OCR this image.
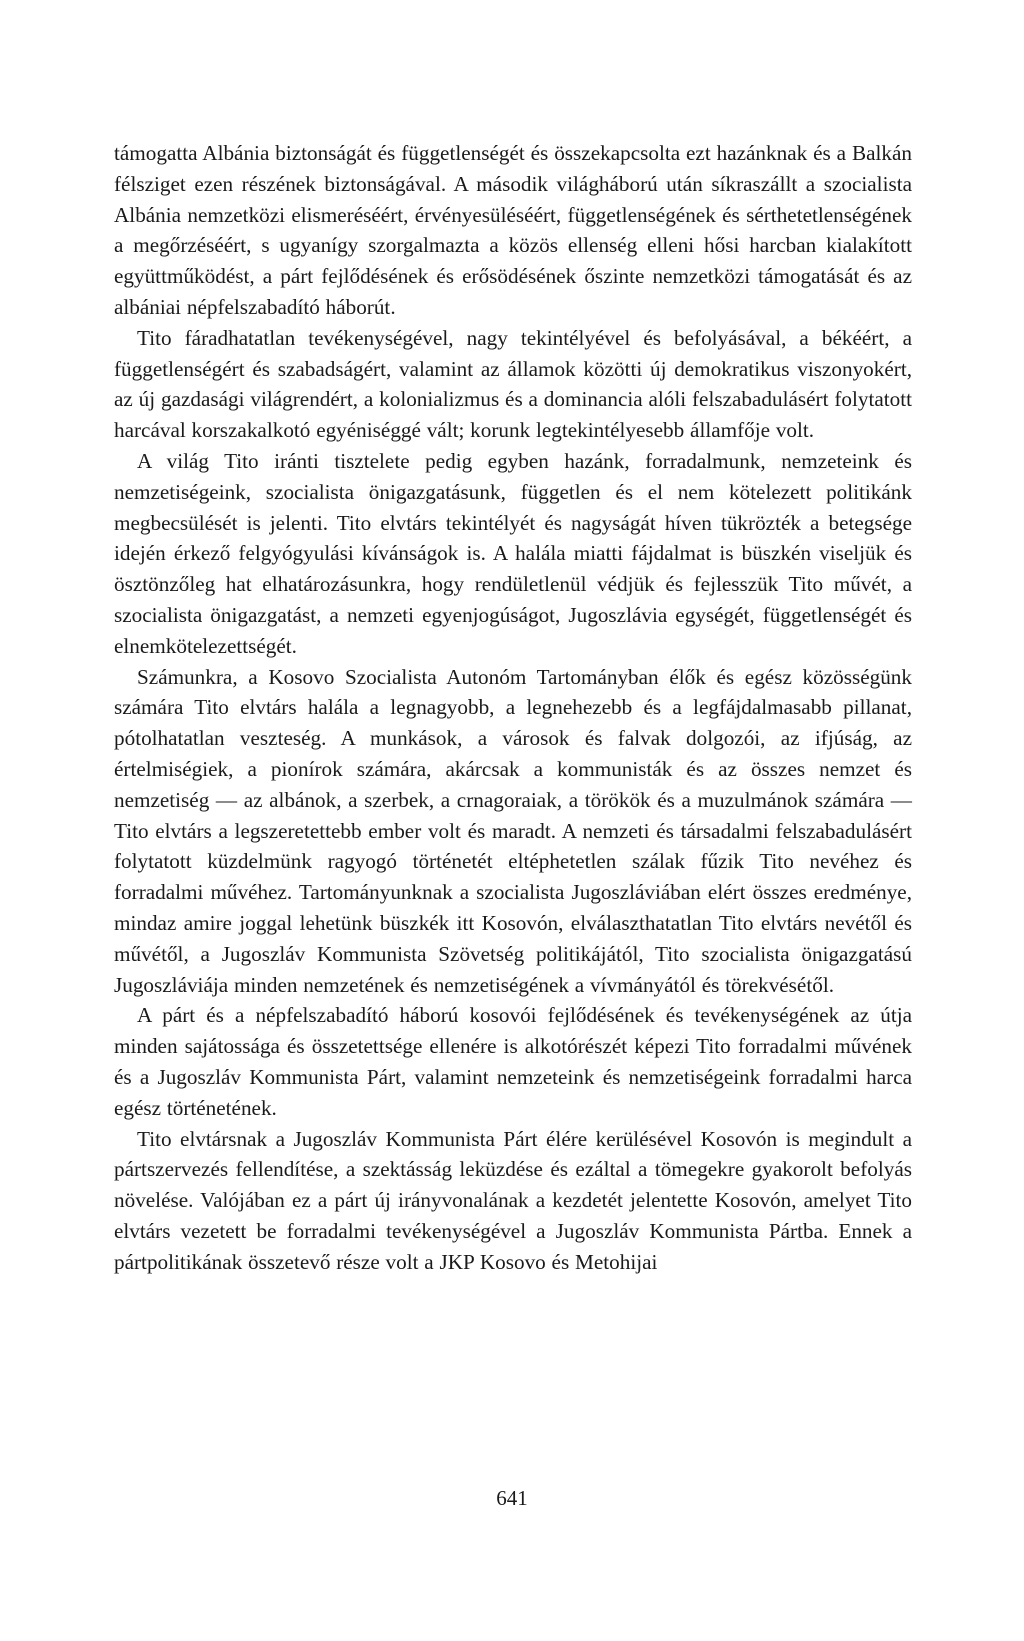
támogatta Albánia biztonságát és függetlenségét és összekapcsolta ezt hazánknak és a Balkán félsziget ezen részének biztonságával. A második világháború után síkraszállt a szocialista Albánia nemzetközi elismeréséért, érvényesüléséért, függetlenségének és sérthetetlenségének a megőrzéséért, s ugyanígy szorgalmazta a közös ellenség elleni hősi harcban kialakított együttműködést, a párt fejlődésének és erősödésének őszinte nemzetközi támogatását és az albániai népfelszabadító háborút.

Tito fáradhatatlan tevékenységével, nagy tekintélyével és befolyásával, a békéért, a függetlenségért és szabadságért, valamint az államok közötti új demokratikus viszonyokért, az új gazdasági világrendért, a kolonializmus és a dominancia alóli felszabadulásért folytatott harcával korszakalkotó egyéniséggé vált; korunk legtekintélyesebb államfője volt.

A világ Tito iránti tisztelete pedig egyben hazánk, forradalmunk, nemzeteink és nemzetiségeink, szocialista önigazgatásunk, független és el nem kötelezett politikánk megbecsülését is jelenti. Tito elvtárs tekintélyét és nagyságát híven tükrözték a betegsége idején érkező felgyógyulási kívánságok is. A halála miatti fájdalmat is büszkén viseljük és ösztönzőleg hat elhatározásunkra, hogy rendületlenül védjük és fejlesszük Tito művét, a szocialista önigazgatást, a nemzeti egyenjogúságot, Jugoszlávia egységét, függetlenségét és elnemkötelezettségét.

Számunkra, a Kosovo Szocialista Autonóm Tartományban élők és egész közösségünk számára Tito elvtárs halála a legnagyobb, a legnehezebb és a legfájdalmasabb pillanat, pótolhatatlan veszteség. A munkások, a városok és falvak dolgozói, az ifjúság, az értelmiségiek, a pionírok számára, akárcsak a kommunisták és az összes nemzet és nemzetiség — az albánok, a szerbek, a crnagoraiak, a törökök és a muzulmánok számára — Tito elvtárs a legszeretettebb ember volt és maradt. A nemzeti és társadalmi felszabadulásért folytatott küzdelmünk ragyogó történetét eltéphetetlen szálak fűzik Tito nevéhez és forradalmi művéhez. Tartományunknak a szocialista Jugoszláviában elért összes eredménye, mindaz amire joggal lehetünk büszkék itt Kosovón, elválaszthatatlan Tito elvtárs nevétől és művétől, a Jugoszláv Kommunista Szövetség politikájától, Tito szocialista önigazgatású Jugoszláviája minden nemzetének és nemzetiségének a vívmányától és törekvésétől.

A párt és a népfelszabadító háború kosovói fejlődésének és tevékenységének az útja minden sajátossága és összetettsége ellenére is alkotórészét képezi Tito forradalmi művének és a Jugoszláv Kommunista Párt, valamint nemzeteink és nemzetiségeink forradalmi harca egész történetének.

Tito elvtársnak a Jugoszláv Kommunista Párt élére kerülésével Kosovón is megindult a pártszervezés fellendítése, a szektásság leküzdése és ezáltal a tömegekre gyakorolt befolyás növelése. Valójában ez a párt új irányvonalának a kezdetét jelentette Kosovón, amelyet Tito elvtárs vezetett be forradalmi tevékenységével a Jugoszláv Kommunista Pártba. Ennek a pártpolitikának összetevő része volt a JKP Kosovo és Metohijai

641
